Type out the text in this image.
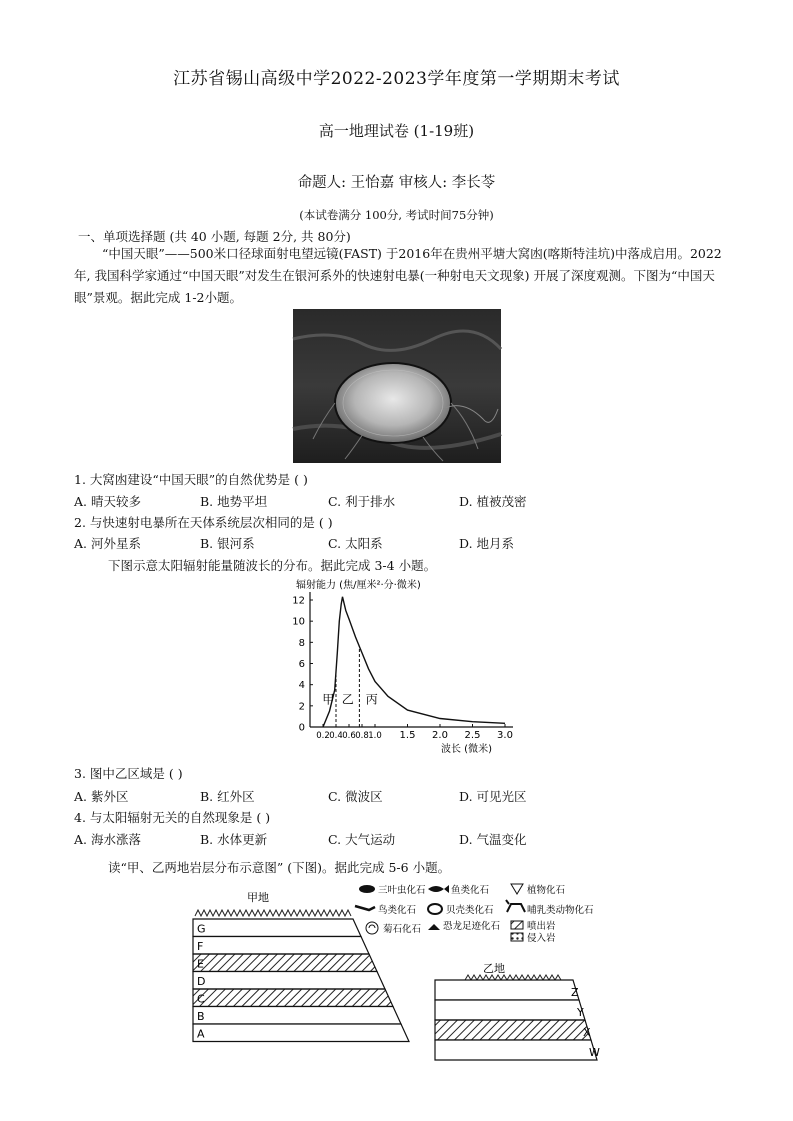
江苏省锡山高级中学2022-2023学年度第一学期期末考试
高一地理试卷 (1-19班)
命题人: 王怡嘉 审核人: 李长苓
(本试卷满分 100分, 考试时间75分钟)
一、单项选择题 (共 40 小题, 每题 2分, 共 80分)
“中国天眼”——500米口径球面射电望远镜(FAST) 于2016年在贵州平塘大窝凼(喀斯特洼坑)中落成启用。2022年, 我国科学家通过“中国天眼”对发生在银河系外的快速射电暴(一种射电天文现象) 开展了深度观测。下图为“中国天眼”景观。据此完成 1-2小题。
1. 大窝凼建设“中国天眼”的自然优势是 ( )
A. 晴天较多	B. 地势平坦	C. 利于排水	D. 植被茂密
2. 与快速射电暴所在天体系统层次相同的是 ( )
A. 河外星系	B. 银河系	C. 太阳系	D. 地月系
下图示意太阳辐射能量随波长的分布。据此完成 3-4 小题。
辐射能力 (焦/厘米²·分·微米)
波长 (微米)
0
2
4
6
8
10
12
0.2 0.4 0.6 0.8 1.0 1.5 2.0 2.5 3.0
甲 乙 丙
3. 图中乙区域是 ( )
A. 紫外区	B. 红外区	C. 微波区	D. 可见光区
4. 与太阳辐射无关的自然现象是 ( )
A. 海水涨落	B. 水体更新	C. 大气运动	D. 气温变化
读“甲、乙两地岩层分布示意图” (下图)。据此完成 5-6 小题。
甲地
G
F
E
D
C
B
A
乙地
Z
Y
X
W
三叶虫化石	鱼类化石	植物化石
鸟类化石	贝壳类化石	哺乳类动物化石
菊石化石 恐龙足迹化石	喷出岩
侵入岩
